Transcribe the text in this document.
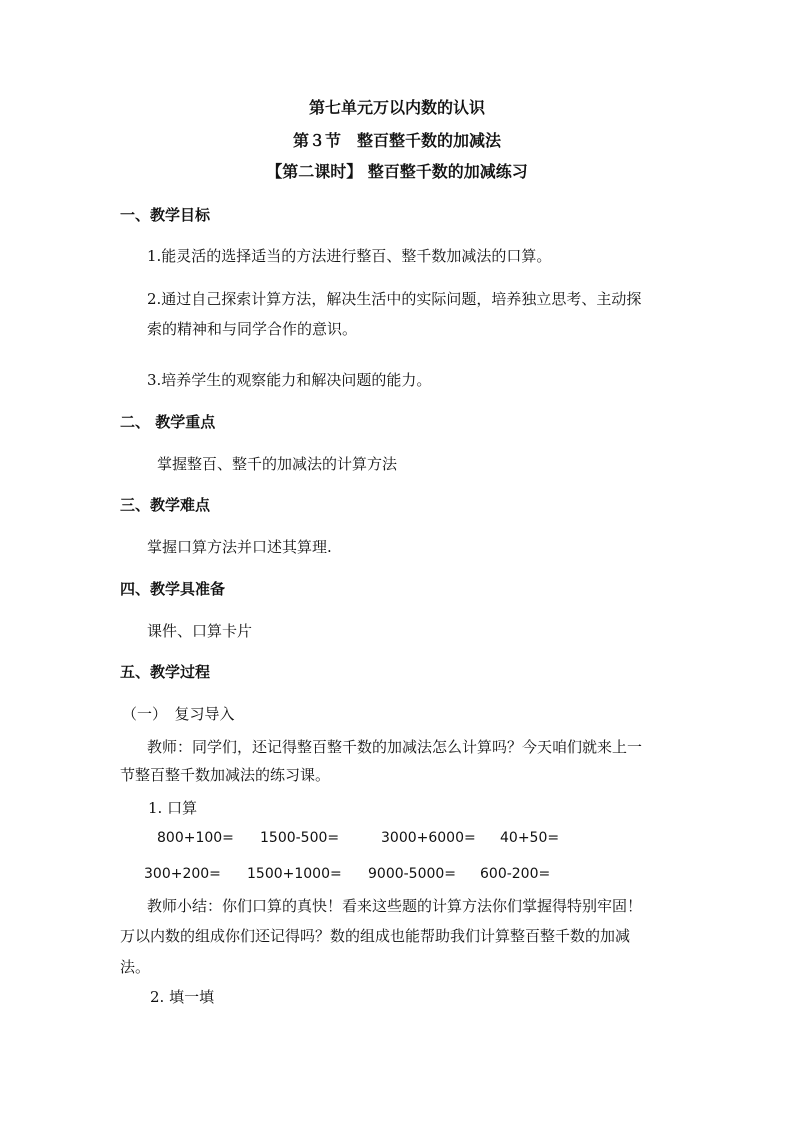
第七单元万以内数的认识
第３节　整百整千数的加减法
【第二课时】 整百整千数的加减练习
一、教学目标
1.能灵活的选择适当的方法进行整百、整千数加减法的口算。
2.通过自己探索计算方法，解决生活中的实际问题，培养独立思考、主动探
索的精神和与同学合作的意识。
3.培养学生的观察能力和解决问题的能力。
二、 教学重点
掌握整百、整千的加减法的计算方法
三、教学难点
掌握口算方法并口述其算理.
四、教学具准备
课件、口算卡片
五、教学过程
（一）　复习导入
教师：同学们，还记得整百整千数的加减法怎么计算吗？今天咱们就来上一
节整百整千数加减法的练习课。
1. 口算
800+100= 1500-500=	3000+6000= 40+50=
300+200= 1500+1000= 9000-5000= 600-200=
教师小结：你们口算的真快！看来这些题的计算方法你们掌握得特别牢固！
万以内数的组成你们还记得吗？数的组成也能帮助我们计算整百整千数的加减
法。
2. 填一填
